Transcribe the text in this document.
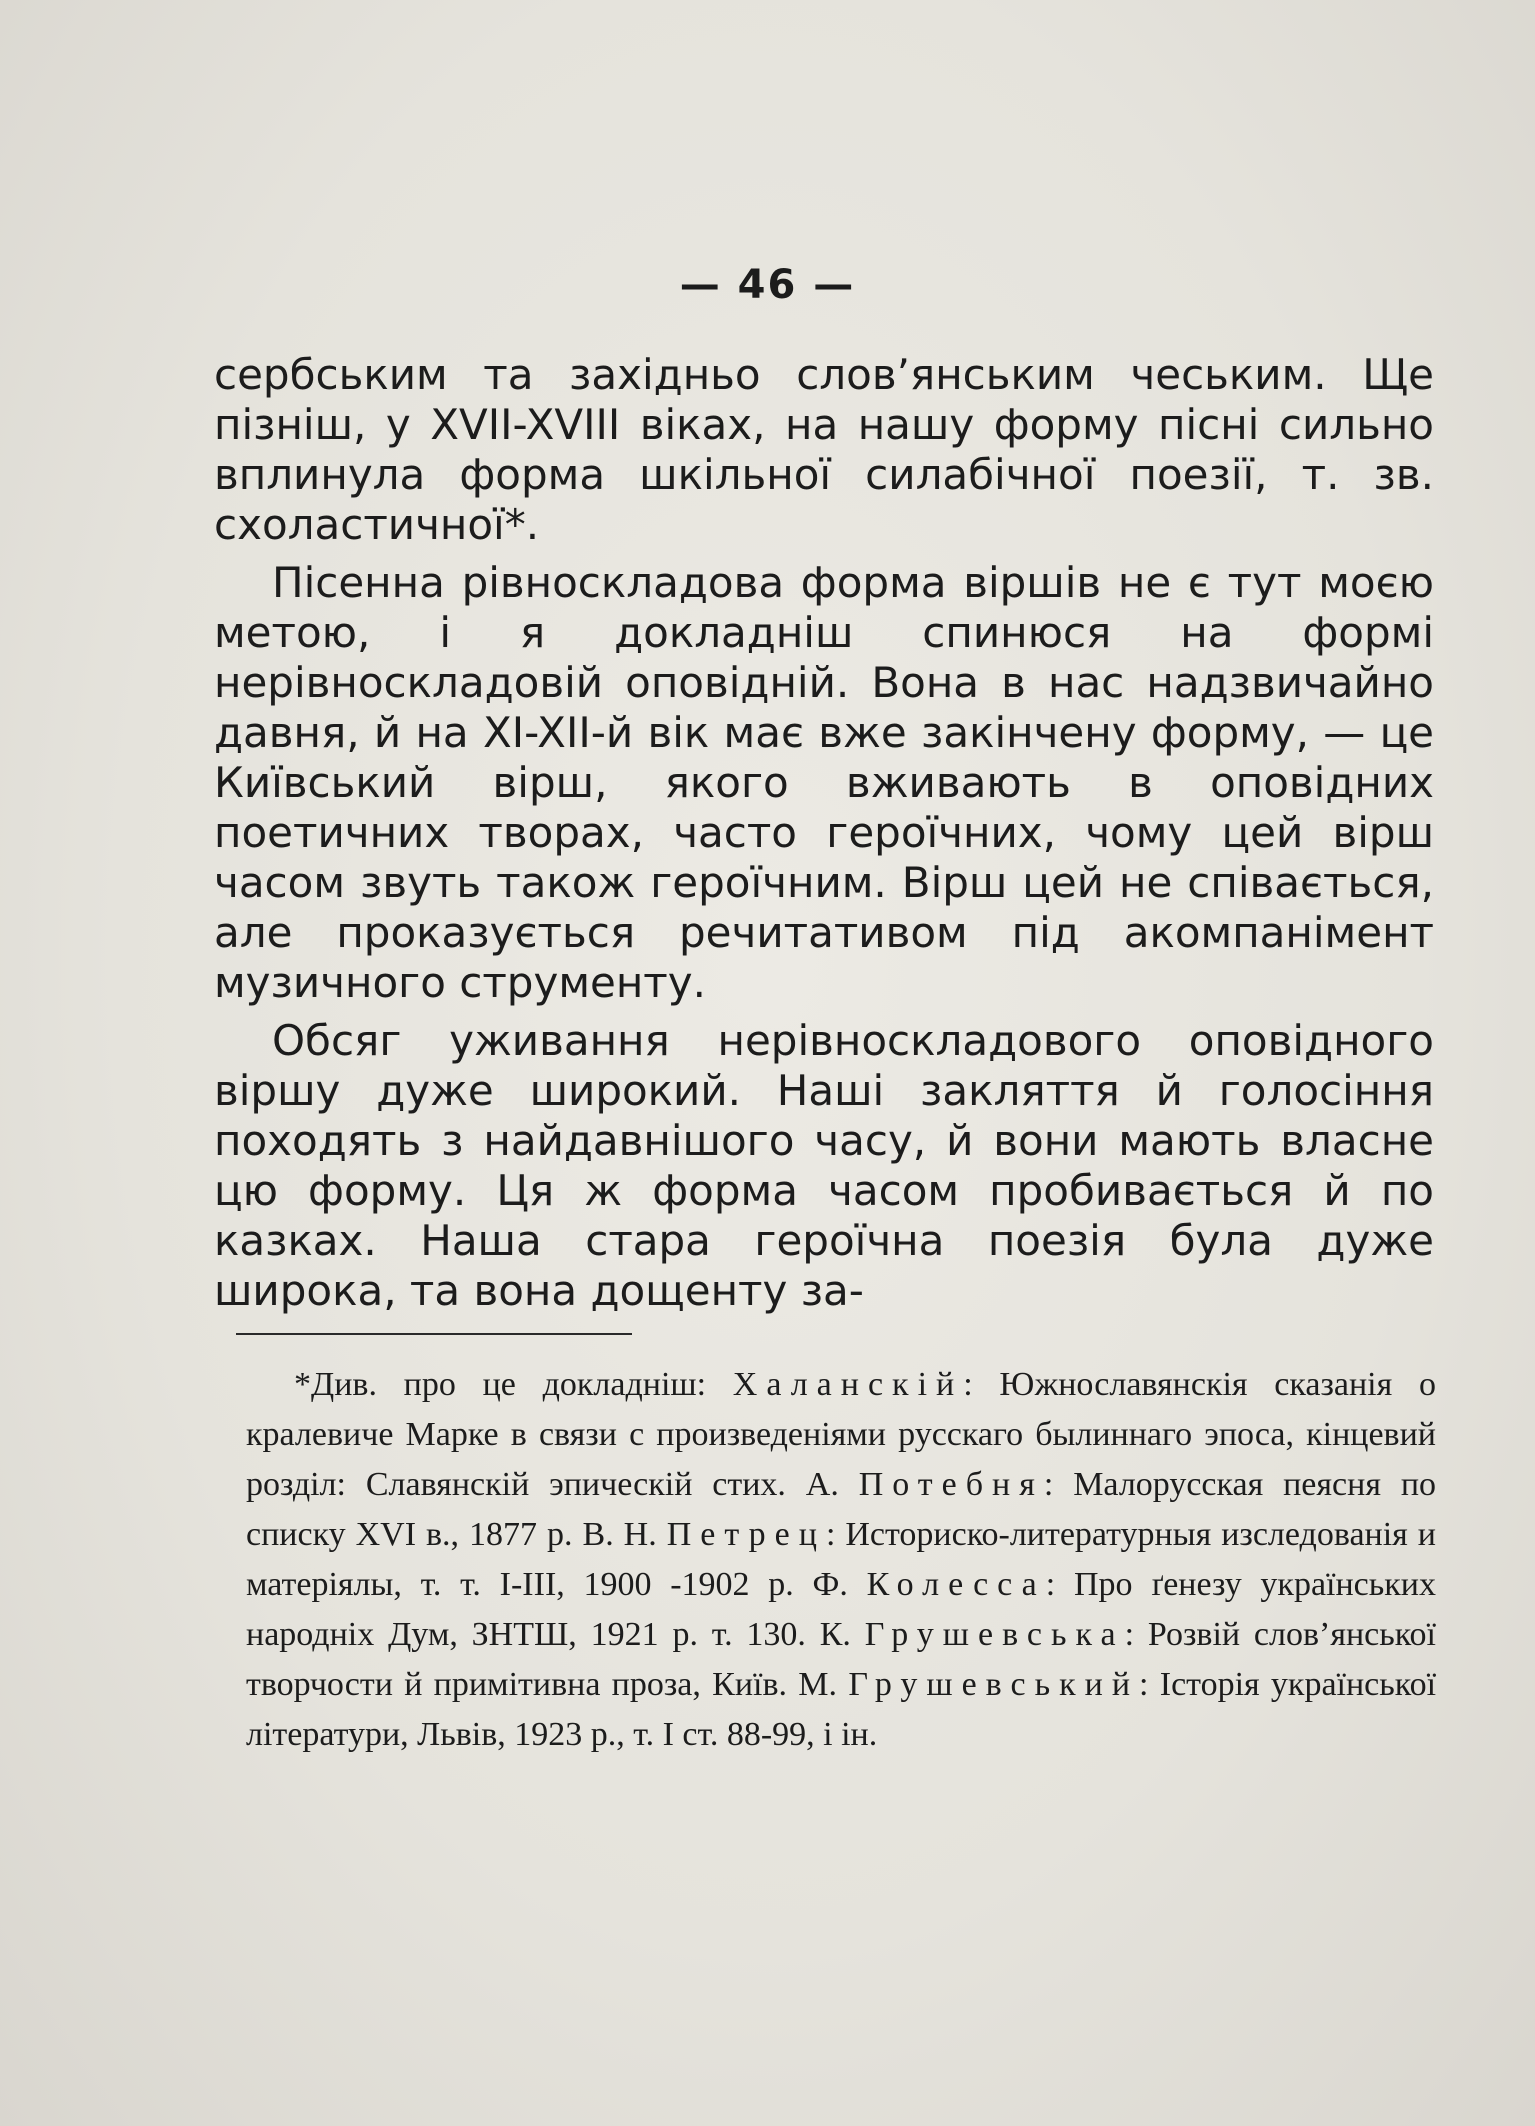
— 46 —

сербським та західньо слов’янським чеським. Ще пізніш, у XVII-XVIII віках, на нашу форму пісні сильно вплинула форма шкільної силабічної поезії, т. зв. схоластичної*.

Пісенна рівноскладова форма віршів не є тут моєю метою, і я докладніш спинюся на формі нерівноскладовій оповідній. Вона в нас надзвичайно давня, й на XI-XII-й вік має вже закінчену форму, — це Київський вірш, якого вживають в оповідних поетичних творах, часто героїчних, чому цей вірш часом звуть також героїчним. Вірш цей не співається, але проказується речитативом під акомпанімент музичного струменту.

Обсяг уживання нерівноскладового оповідного віршу дуже широкий. Наші закляття й голосіння походять з найдавнішого часу, й вони мають власне цю форму. Ця ж форма часом пробивається й по казках. Наша стара героїчна поезія була дуже широка, та вона дощенту за-

*Див. про це докладніш: Халанскій: Южнославянскія сказанія о кралевиче Марке в связи с произведеніями русскаго былиннаго эпоса, кінцевий розділ: Славянскій эпическій стих. А. Потебня: Малорусская пеясня по списку XVI в., 1877 р. В. Н. Петрец: Историско-литературныя изследованія и матеріялы, т. т. I-III, 1900 -1902 р. Ф. Колесса: Про ґенезу українських народніх Дум, ЗНТШ, 1921 р. т. 130. К. Грушевська: Розвій слов’янської творчости й примітивна проза, Київ. М. Грушевський: Історія української літератури, Львів, 1923 р., т. I ст. 88-99, і ін.
